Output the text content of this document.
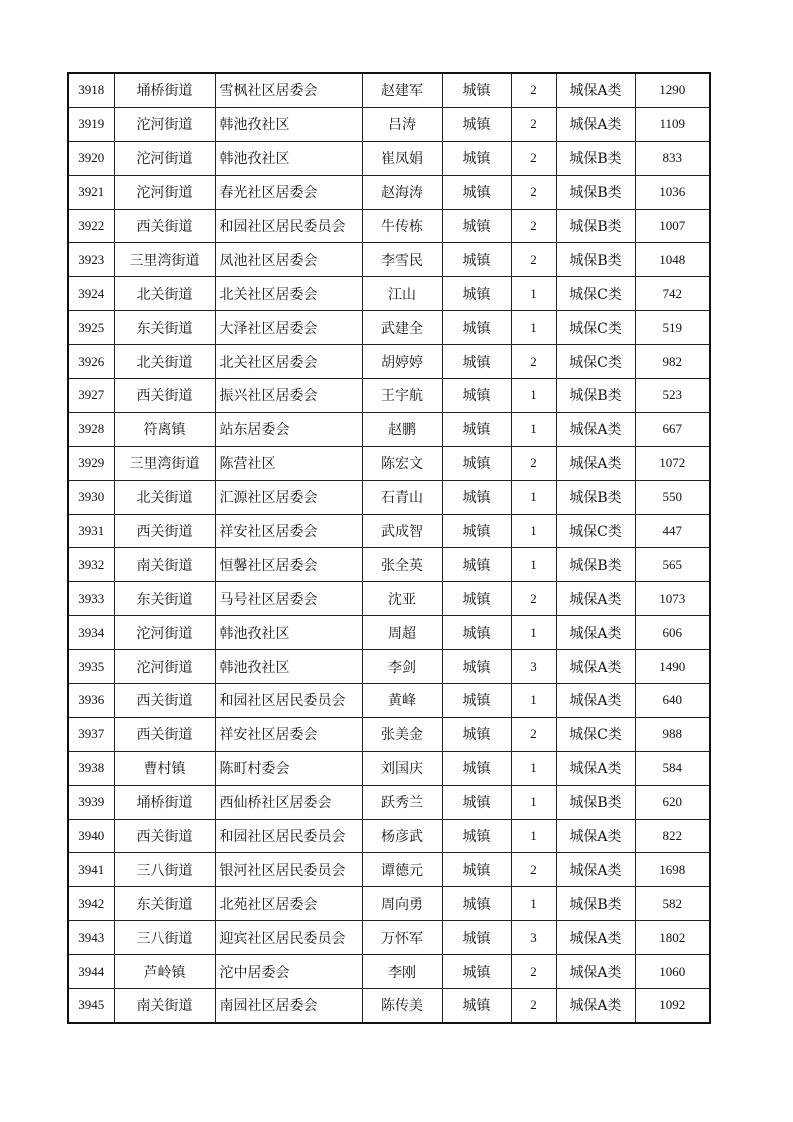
3918	埇桥街道	雪枫社区居委会	赵建军	城镇	2	城保A类	1290
3919	沱河街道	韩池孜社区	吕涛	城镇	2	城保A类	1109
3920	沱河街道	韩池孜社区	崔凤娟	城镇	2	城保B类	833
3921	沱河街道	春光社区居委会	赵海涛	城镇	2	城保B类	1036
3922	西关街道	和园社区居民委员会	牛传栋	城镇	2	城保B类	1007
3923	三里湾街道	凤池社区居委会	李雪民	城镇	2	城保B类	1048
3924	北关街道	北关社区居委会	江山	城镇	1	城保C类	742
3925	东关街道	大泽社区居委会	武建全	城镇	1	城保C类	519
3926	北关街道	北关社区居委会	胡婷婷	城镇	2	城保C类	982
3927	西关街道	振兴社区居委会	王宇航	城镇	1	城保B类	523
3928	符离镇	站东居委会	赵鹏	城镇	1	城保A类	667
3929	三里湾街道	陈营社区	陈宏文	城镇	2	城保A类	1072
3930	北关街道	汇源社区居委会	石青山	城镇	1	城保B类	550
3931	西关街道	祥安社区居委会	武成智	城镇	1	城保C类	447
3932	南关街道	恒馨社区居委会	张全英	城镇	1	城保B类	565
3933	东关街道	马号社区居委会	沈亚	城镇	2	城保A类	1073
3934	沱河街道	韩池孜社区	周超	城镇	1	城保A类	606
3935	沱河街道	韩池孜社区	李剑	城镇	3	城保A类	1490
3936	西关街道	和园社区居民委员会	黄峰	城镇	1	城保A类	640
3937	西关街道	祥安社区居委会	张美金	城镇	2	城保C类	988
3938	曹村镇	陈町村委会	刘国庆	城镇	1	城保A类	584
3939	埇桥街道	西仙桥社区居委会	跃秀兰	城镇	1	城保B类	620
3940	西关街道	和园社区居民委员会	杨彦武	城镇	1	城保A类	822
3941	三八街道	银河社区居民委员会	谭德元	城镇	2	城保A类	1698
3942	东关街道	北苑社区居委会	周向勇	城镇	1	城保B类	582
3943	三八街道	迎宾社区居民委员会	万怀军	城镇	3	城保A类	1802
3944	芦岭镇	沱中居委会	李刚	城镇	2	城保A类	1060
3945	南关街道	南园社区居委会	陈传美	城镇	2	城保A类	1092
